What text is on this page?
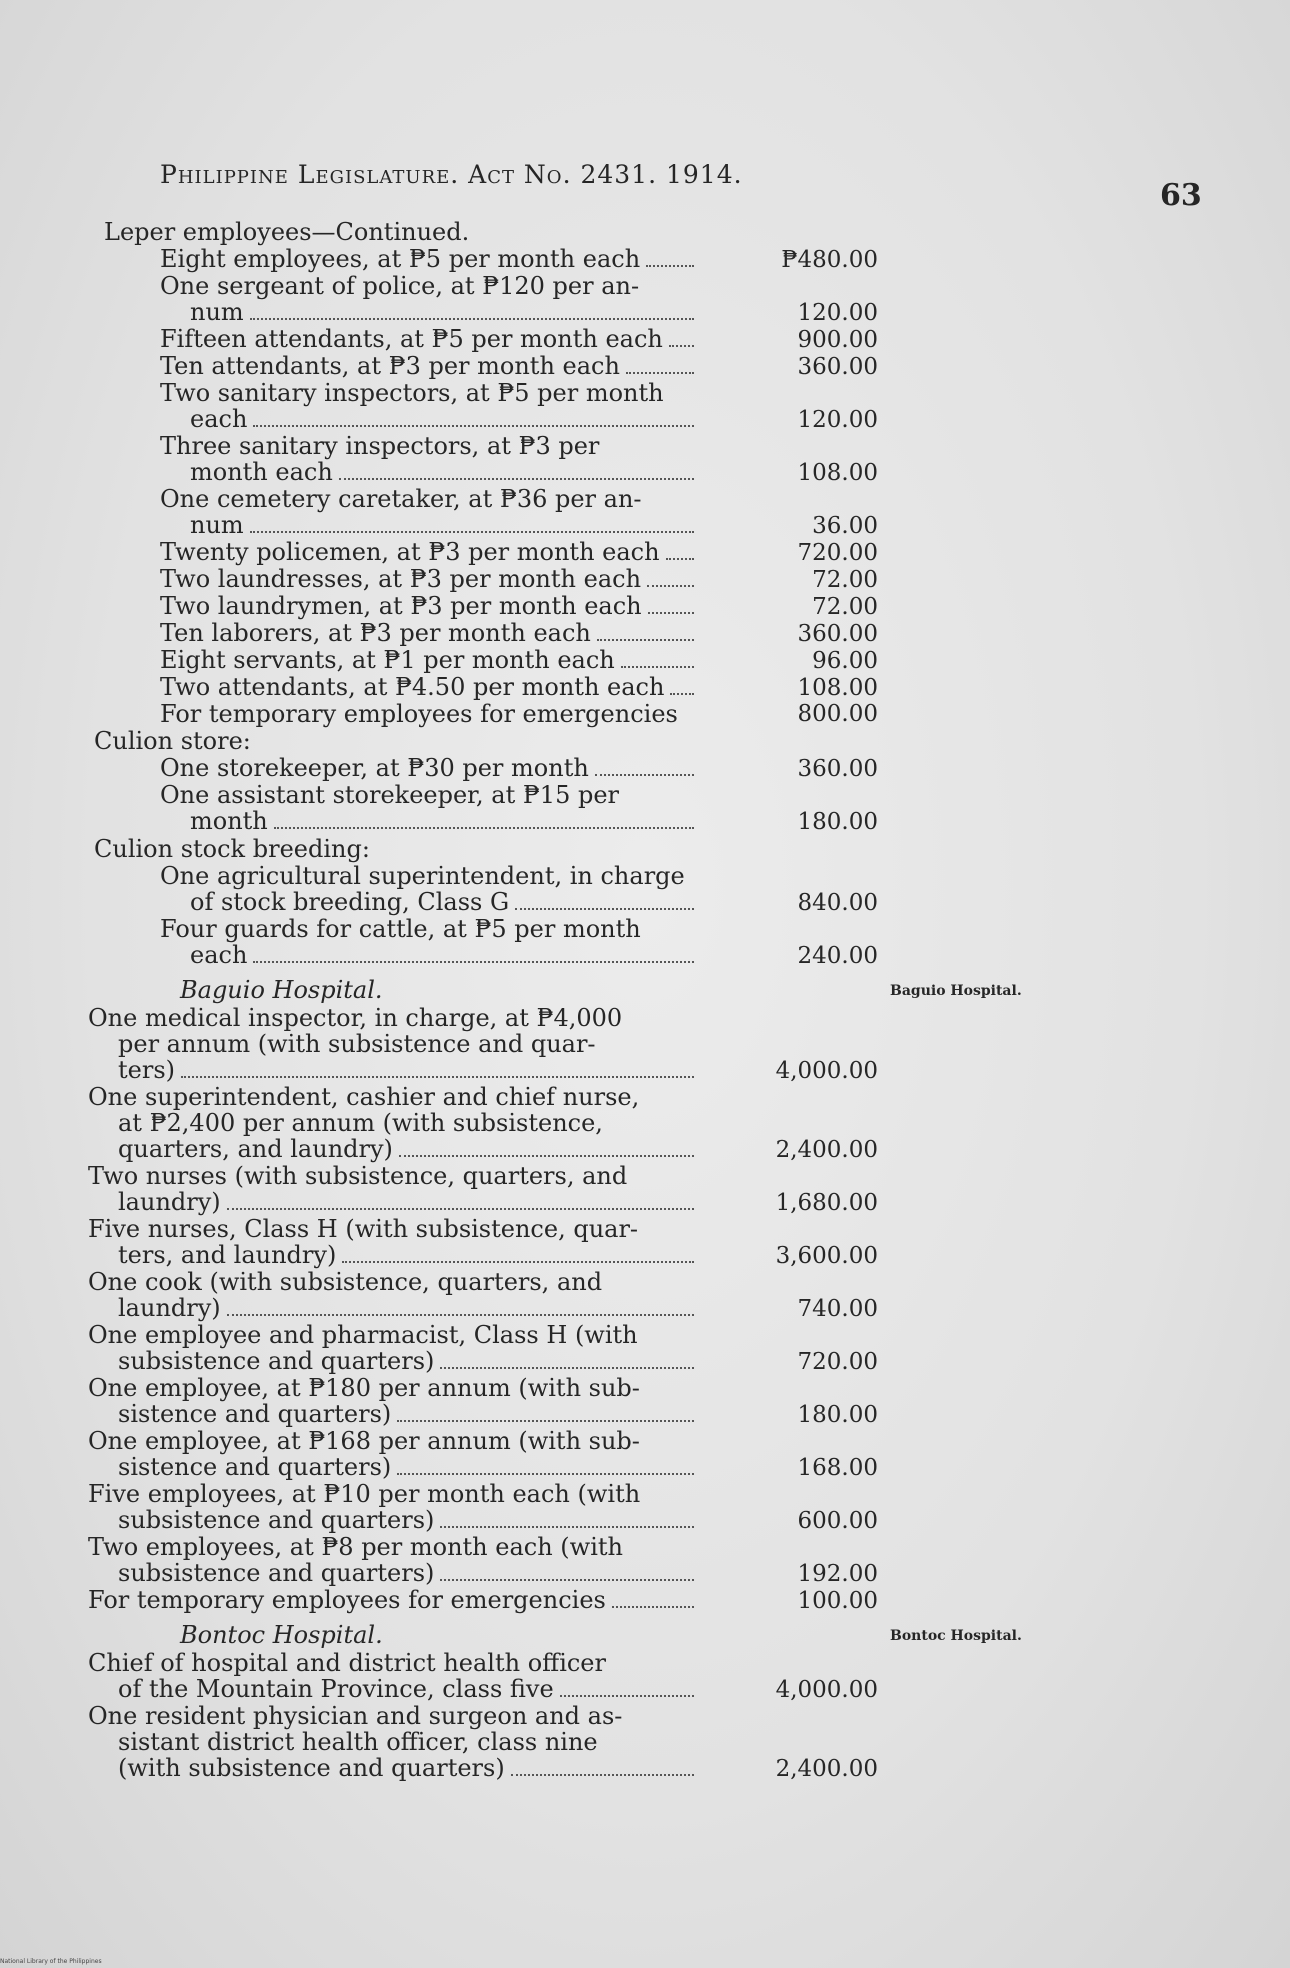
Philippine Legislature. Act No. 2431. 1914.
63
Leper employees—Continued.
Eight employees, at ₱5 per month each	₱480.00
One sergeant of police, at ₱120 per an-
num	120.00
Fifteen attendants, at ₱5 per month each	900.00
Ten attendants, at ₱3 per month each	360.00
Two sanitary inspectors, at ₱5 per month
each	120.00
Three sanitary inspectors, at ₱3 per
month each	108.00
One cemetery caretaker, at ₱36 per an-
num	36.00
Twenty policemen, at ₱3 per month each	720.00
Two laundresses, at ₱3 per month each	72.00
Two laundrymen, at ₱3 per month each	72.00
Ten laborers, at ₱3 per month each	360.00
Eight servants, at ₱1 per month each	96.00
Two attendants, at ₱4.50 per month each	108.00
For temporary employees for emergencies	800.00
Culion store:
One storekeeper, at ₱30 per month	360.00
One assistant storekeeper, at ₱15 per
month	180.00
Culion stock breeding:
One agricultural superintendent, in charge
of stock breeding, Class G	840.00
Four guards for cattle, at ₱5 per month
each	240.00
Baguio Hospital.
One medical inspector, in charge, at ₱4,000
per annum (with subsistence and quar-
ters)	4,000.00
One superintendent, cashier and chief nurse,
at ₱2,400 per annum (with subsistence,
quarters, and laundry)	2,400.00
Two nurses (with subsistence, quarters, and
laundry)	1,680.00
Five nurses, Class H (with subsistence, quar-
ters, and laundry)	3,600.00
One cook (with subsistence, quarters, and
laundry)	740.00
One employee and pharmacist, Class H (with
subsistence and quarters)	720.00
One employee, at ₱180 per annum (with sub-
sistence and quarters)	180.00
One employee, at ₱168 per annum (with sub-
sistence and quarters)	168.00
Five employees, at ₱10 per month each (with
subsistence and quarters)	600.00
Two employees, at ₱8 per month each (with
subsistence and quarters)	192.00
For temporary employees for emergencies	100.00
Bontoc Hospital.
Chief of hospital and district health officer
of the Mountain Province, class five	4,000.00
One resident physician and surgeon and as-
sistant district health officer, class nine
(with subsistence and quarters)	2,400.00
Baguio Hospital.
Bontoc Hospital.
National Library of the Philippines
